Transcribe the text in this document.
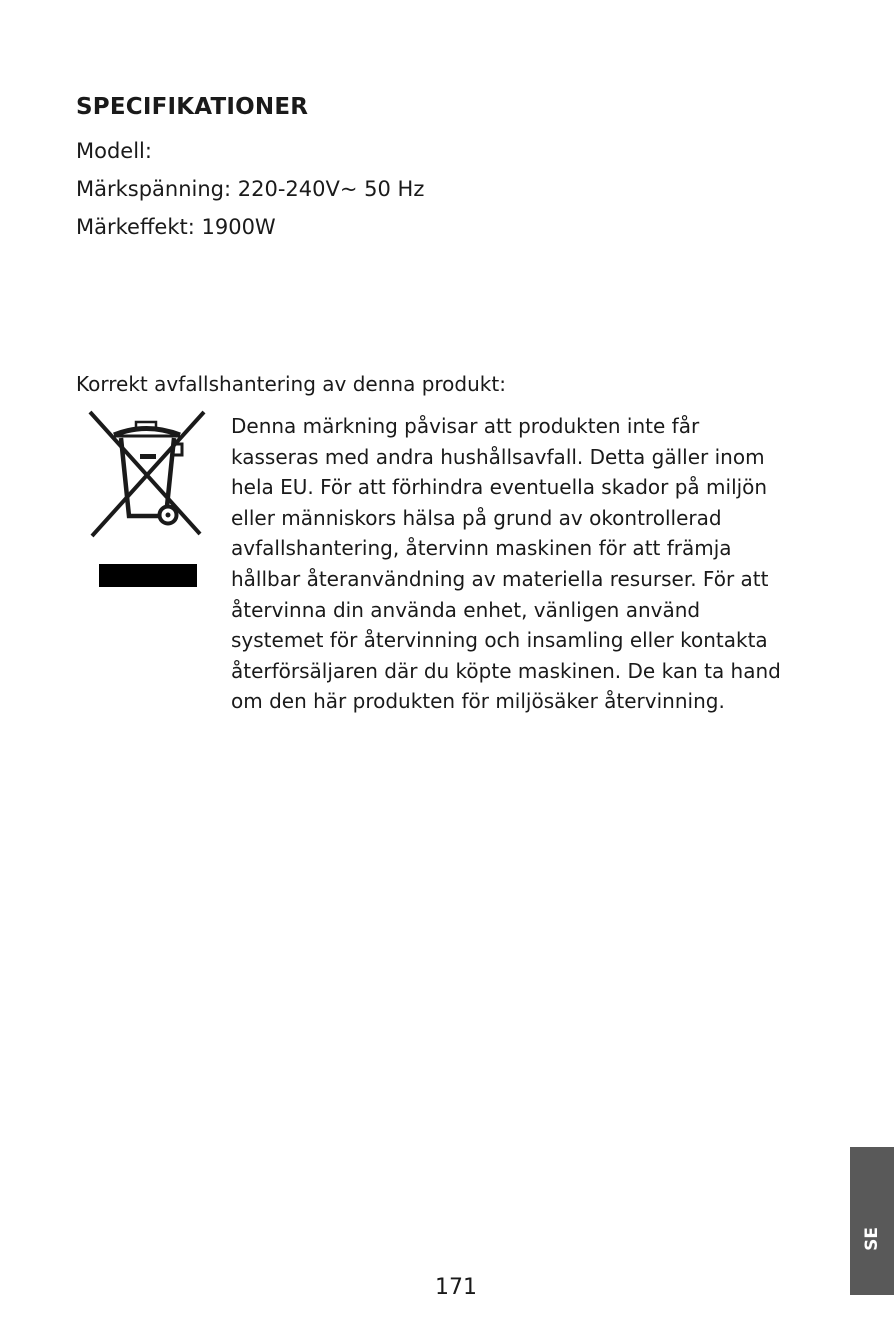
SPECIFIKATIONER

Modell:

Märkspänning: 220-240V~ 50 Hz

Märkeffekt: 1900W

Korrekt avfallshantering av denna produkt:

Denna märkning påvisar att produkten inte får
kasseras med andra hushållsavfall. Detta gäller inom
hela EU. För att förhindra eventuella skador på miljön
eller människors hälsa på grund av okontrollerad
avfallshantering, återvinn maskinen för att främja
hållbar återanvändning av materiella resurser. För att
återvinna din använda enhet, vänligen använd
systemet för återvinning och insamling eller kontakta
återförsäljaren där du köpte maskinen. De kan ta hand
om den här produkten för miljösäker återvinning.

SE

171
